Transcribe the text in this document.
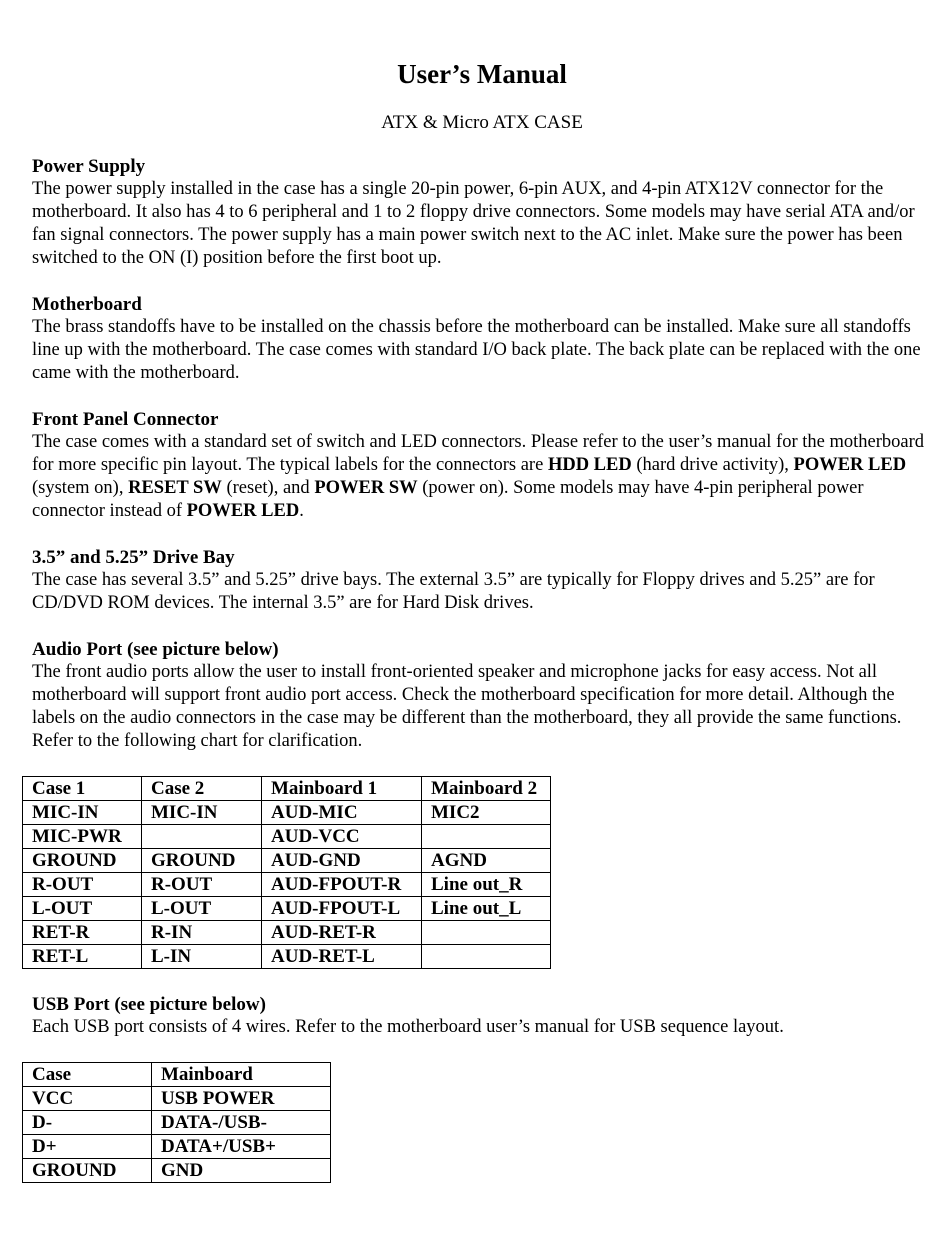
User’s Manual
ATX & Micro ATX CASE
Power Supply

The power supply installed in the case has a single 20-pin power, 6-pin AUX, and 4-pin ATX12V connector for the motherboard. It also has 4 to 6 peripheral and 1 to 2 floppy drive connectors. Some models may have serial ATA and/or fan signal connectors. The power supply has a main power switch next to the AC inlet. Make sure the power has been switched to the ON (I) position before the first boot up.

Motherboard

The brass standoffs have to be installed on the chassis before the motherboard can be installed. Make sure all standoffs line up with the motherboard. The case comes with standard I/O back plate. The back plate can be replaced with the one came with the motherboard.

Front Panel Connector

The case comes with a standard set of switch and LED connectors. Please refer to the user’s manual for the motherboard for more specific pin layout. The typical labels for the connectors are HDD LED (hard drive activity), POWER LED (system on), RESET SW (reset), and POWER SW (power on). Some models may have 4-pin peripheral power connector instead of POWER LED.

3.5” and 5.25” Drive Bay

The case has several 3.5” and 5.25” drive bays. The external 3.5” are typically for Floppy drives and 5.25” are for CD/DVD ROM devices. The internal 3.5” are for Hard Disk drives.

Audio Port (see picture below)

The front audio ports allow the user to install front-oriented speaker and microphone jacks for easy access. Not all motherboard will support front audio port access. Check the motherboard specification for more detail. Although the labels on the audio connectors in the case may be different than the motherboard, they all provide the same functions. Refer to the following chart for clarification.

Case 1	Case 2	Mainboard 1	Mainboard 2
MIC-IN	MIC-IN	AUD-MIC	MIC2
MIC-PWR		AUD-VCC	
GROUND	GROUND	AUD-GND	AGND
R-OUT	R-OUT	AUD-FPOUT-R	Line out_R
L-OUT	L-OUT	AUD-FPOUT-L	Line out_L
RET-R	R-IN	AUD-RET-R	
RET-L	L-IN	AUD-RET-L	
USB Port (see picture below)

Each USB port consists of 4 wires. Refer to the motherboard user’s manual for USB sequence layout.

Case	Mainboard
VCC	USB POWER
D-	DATA-/USB-
D+	DATA+/USB+
GROUND	GND
